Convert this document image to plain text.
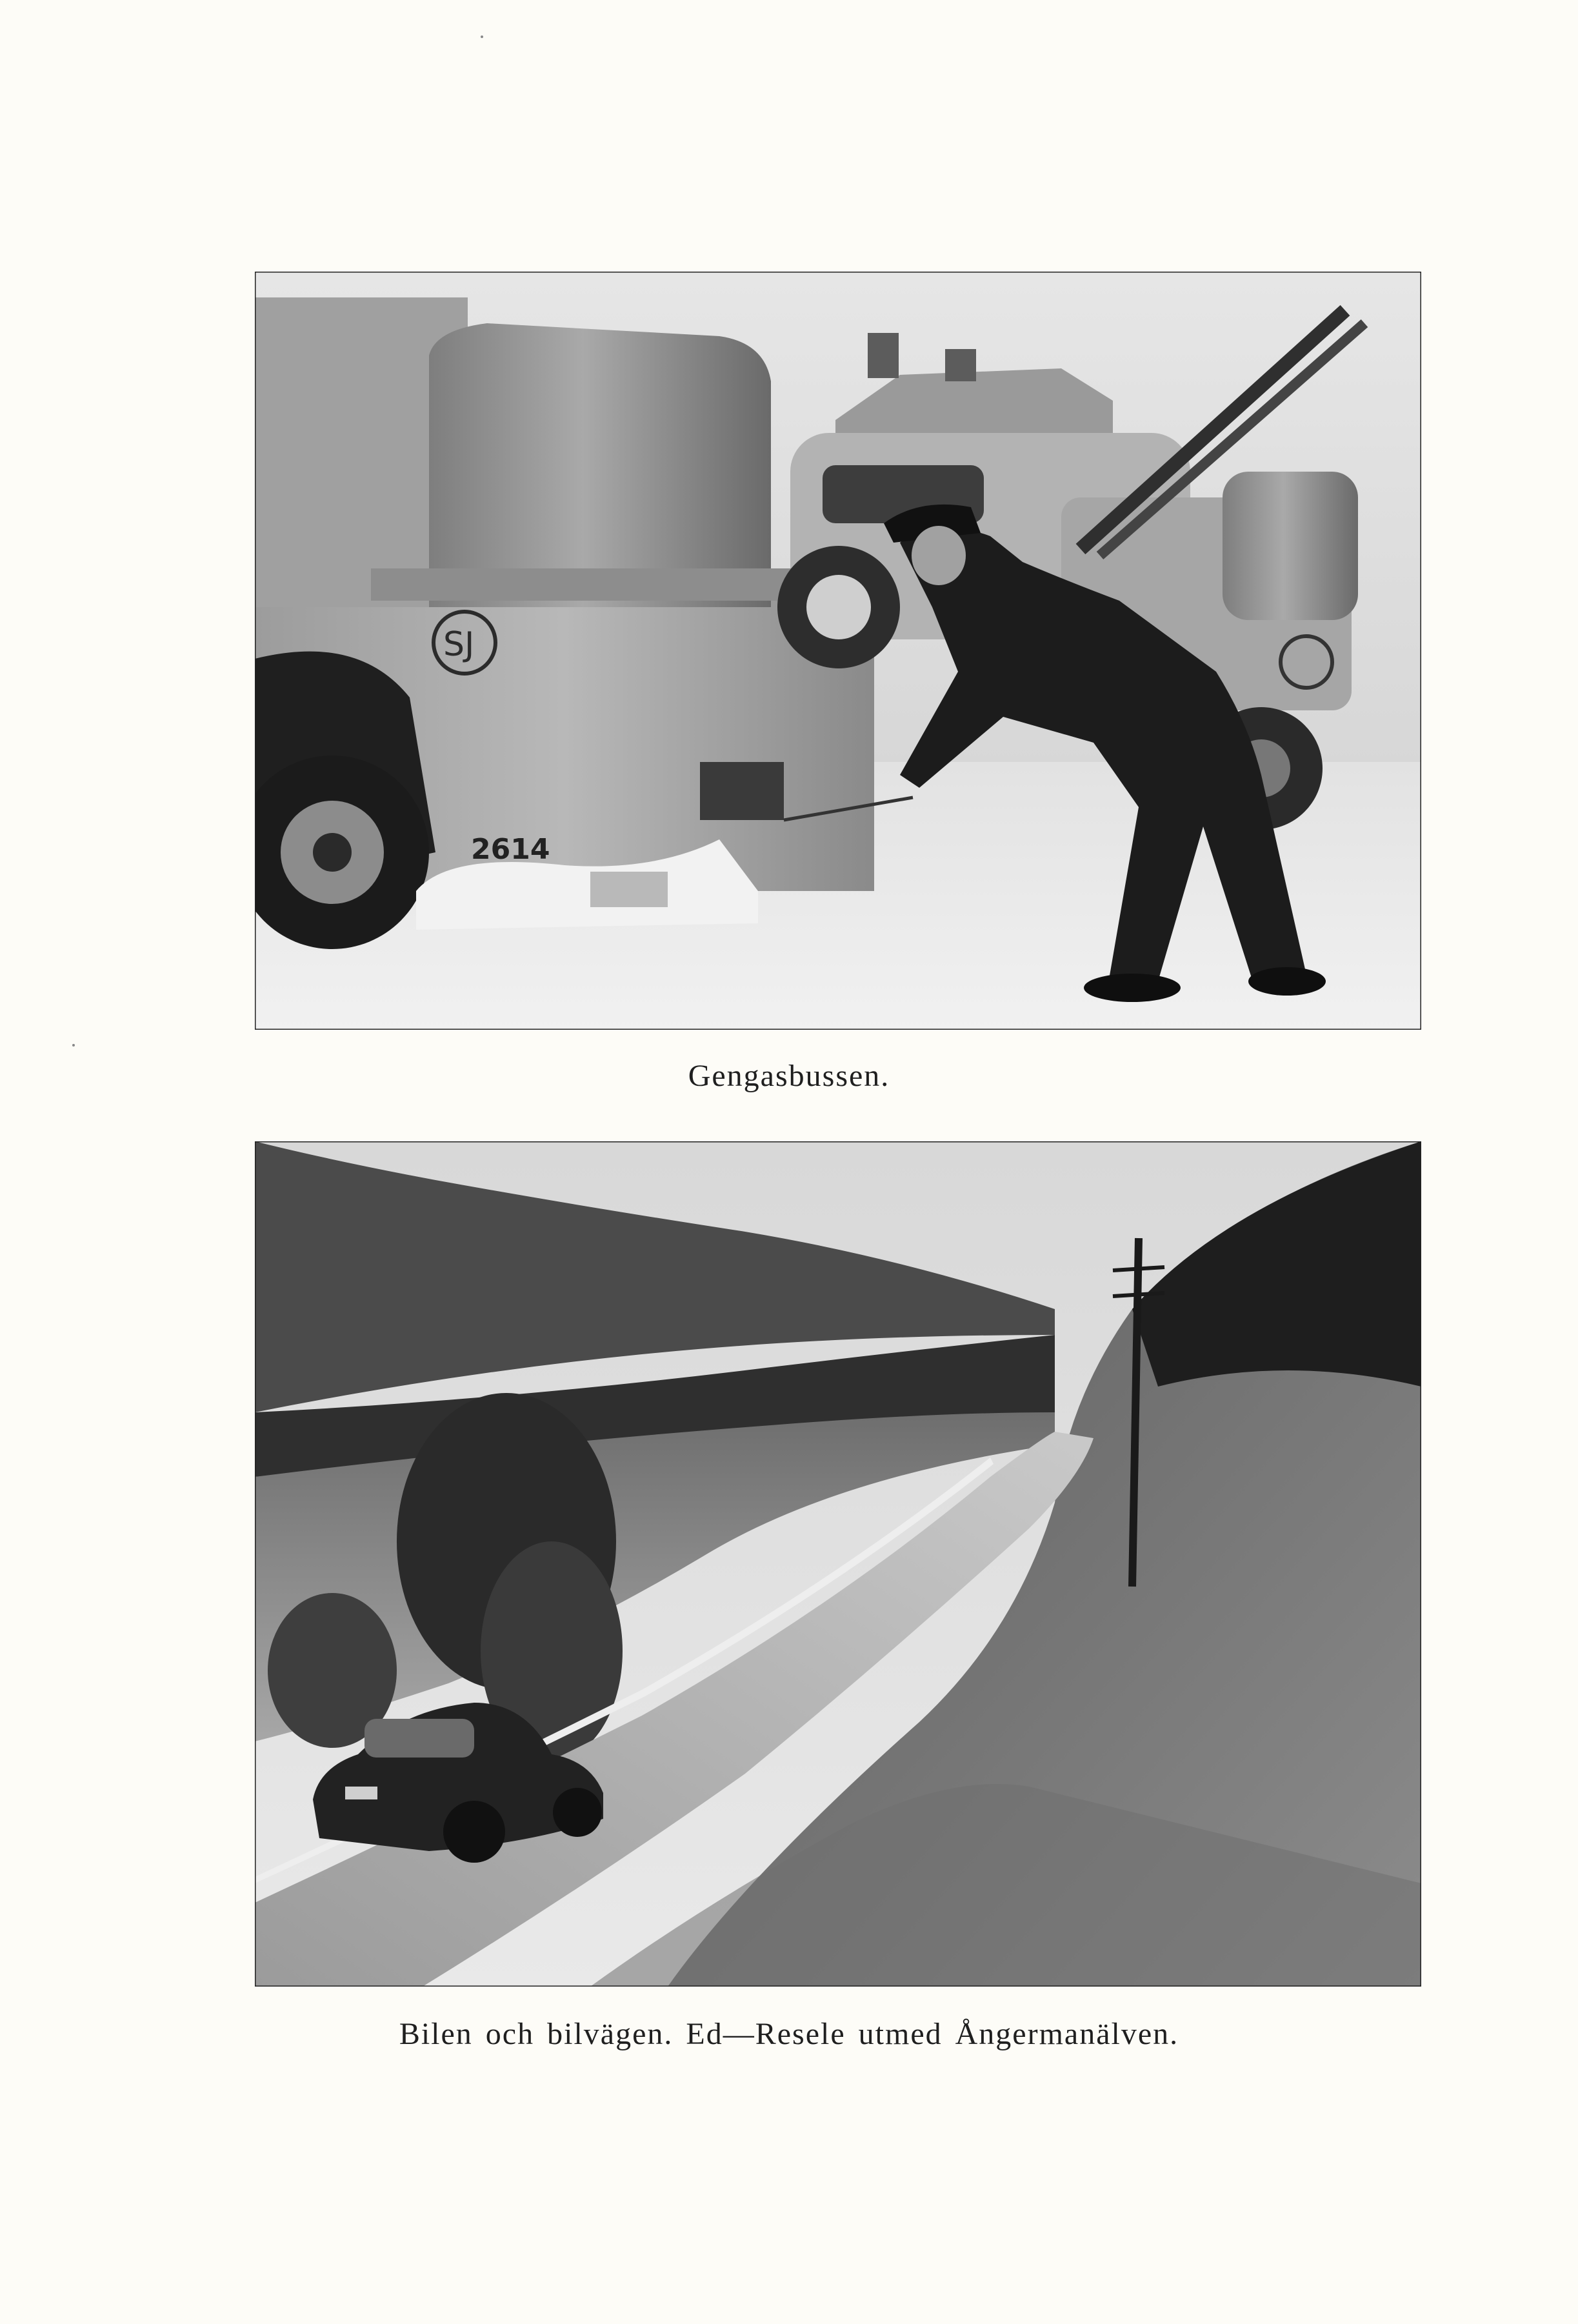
SJ
2614
Gengasbussen.
Bilen och bilvägen. Ed—Resele utmed Ångermanälven.
